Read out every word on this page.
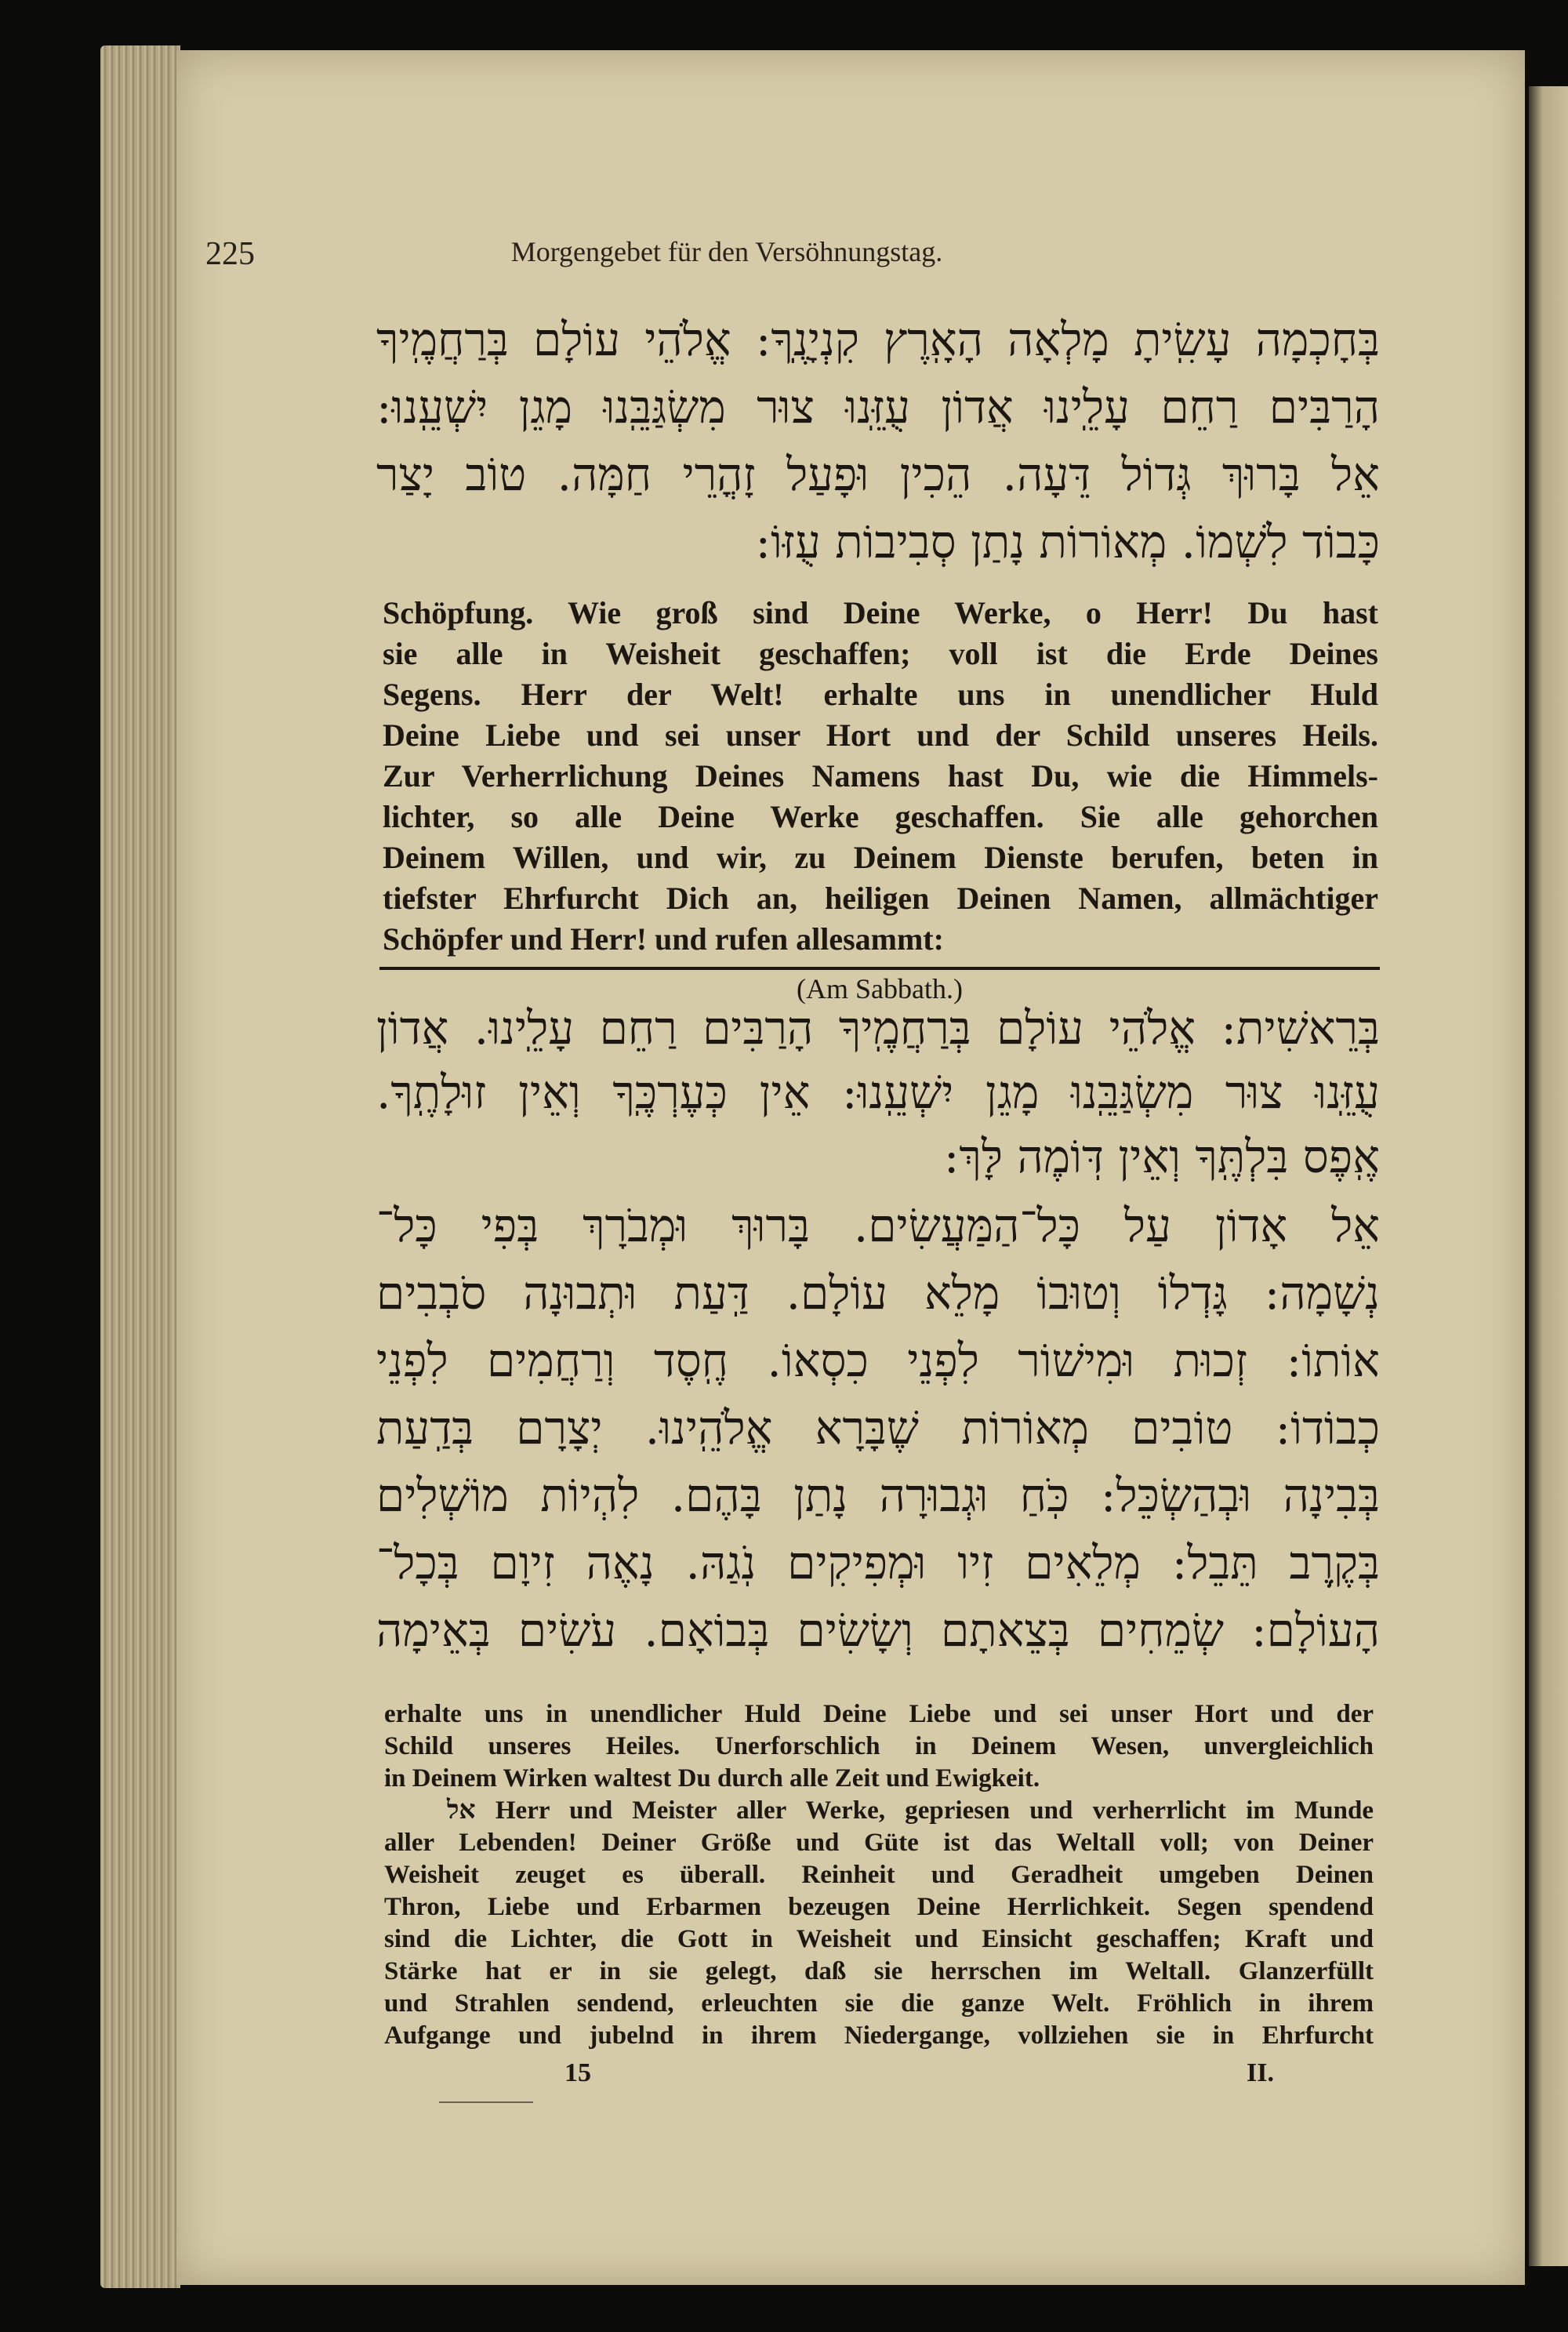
225	Morgengebet für den Versöhnungstag.
בְּחָכְמָה עָשִֽׂיתָ מָלְאָה הָאָֽרֶץ קִנְיָנֶֽךָ: אֱלֹהֵי עוֹלָם בְּרַחֲמֶֽיךָ
הָרַבִּים רַחֵם עָלֵֽינוּ אֲדוֹן עֻזֵּֽנוּ צוּר מִשְׂגַּבֵּֽנוּ מָגֵן יִשְׁעֵֽנוּ:
אֵל בָּרוּךְ גְּדוֹל דֵּעָה. הֵכִין וּפָעַל זָהֳרֵי חַמָּה. טוֹב יָצַר
כָּבוֹד לִשְׁמוֹ. מְאוֹרוֹת נָתַן סְבִיבוֹת עֻזּוֹ:
Schöpfung. Wie groß sind Deine Werke, o Herr! Du hast
sie alle in Weisheit geschaffen; voll ist die Erde Deines
Segens. Herr der Welt! erhalte uns in unendlicher Huld
Deine Liebe und sei unser Hort und der Schild unseres Heils.
Zur Verherrlichung Deines Namens hast Du, wie die Himmels-
lichter, so alle Deine Werke geschaffen. Sie alle gehorchen
Deinem Willen, und wir, zu Deinem Dienste berufen, beten in
tiefster Ehrfurcht Dich an, heiligen Deinen Namen, allmächtiger
Schöpfer und Herr! und rufen allesammt:
(Am Sabbath.)
בְּרֵאשִׁית: אֱלֹהֵי עוֹלָם בְּרַחֲמֶֽיךָ הָרַבִּים רַחֵם עָלֵֽינוּ. אֲדוֹן
עֻזֵּֽנוּ צוּר מִשְׂגַּבֵּֽנוּ מָגֵן יִשְׁעֵֽנוּ: אֵין כְּעֶרְכֶּֽךָ וְאֵין זוּלָתֶֽךָ.
אֶֽפֶס בִּלְתֶּֽךָ וְאֵין דּֽוֹמֶה לָּךְ:
אֵל אָדוֹן עַל כָּל־הַמַּעֲשִׂים. בָּרוּךְ וּמְבֹרָךְ בְּפִי כָּל־
נְשָׁמָה: גָּדְלוֹ וְטוּבוֹ מָלֵא עוֹלָם. דַּֽעַת וּתְבוּנָה סֹבְבִים
אוֹתוֹ: זְכוּת וּמִישׁוֹר לִפְנֵי כִסְאוֹ. חֶֽסֶד וְרַחֲמִים לִפְנֵי
כְבוֹדוֹ: טוֹבִים מְאוֹרוֹת שֶׁבָּרָא אֱלֹהֵֽינוּ. יְצָרָם בְּדַֽעַת
בְּבִינָה וּבְהַשְׂכֵּל: כֹּֽחַ וּגְבוּרָה נָתַן בָּהֶם. לִהְיוֹת מוֹשְׁלִים
בְּקֶֽרֶב תֵּבֵל: מְלֵאִים זִיו וּמְפִיקִים נֹֽגַהּ. נָאֶה זִיוָם בְּכָל־
הָעוֹלָם: שְׂמֵחִים בְּצֵאתָם וְשָׂשִׂים בְּבוֹאָם. עֹשִׂים בְּאֵימָה
erhalte uns in unendlicher Huld Deine Liebe und sei unser Hort und der
Schild unseres Heiles. Unerforschlich in Deinem Wesen, unvergleichlich
in Deinem Wirken waltest Du durch alle Zeit und Ewigkeit.
אל Herr und Meister aller Werke, gepriesen und verherrlicht im Munde
aller Lebenden! Deiner Größe und Güte ist das Weltall voll; von Deiner
Weisheit zeuget es überall. Reinheit und Geradheit umgeben Deinen
Thron, Liebe und Erbarmen bezeugen Deine Herrlichkeit. Segen spendend
sind die Lichter, die Gott in Weisheit und Einsicht geschaffen; Kraft und
Stärke hat er in sie gelegt, daß sie herrschen im Weltall. Glanzerfüllt
und Strahlen sendend, erleuchten sie die ganze Welt. Fröhlich in ihrem
Aufgange und jubelnd in ihrem Niedergange, vollziehen sie in Ehrfurcht
15	II.
